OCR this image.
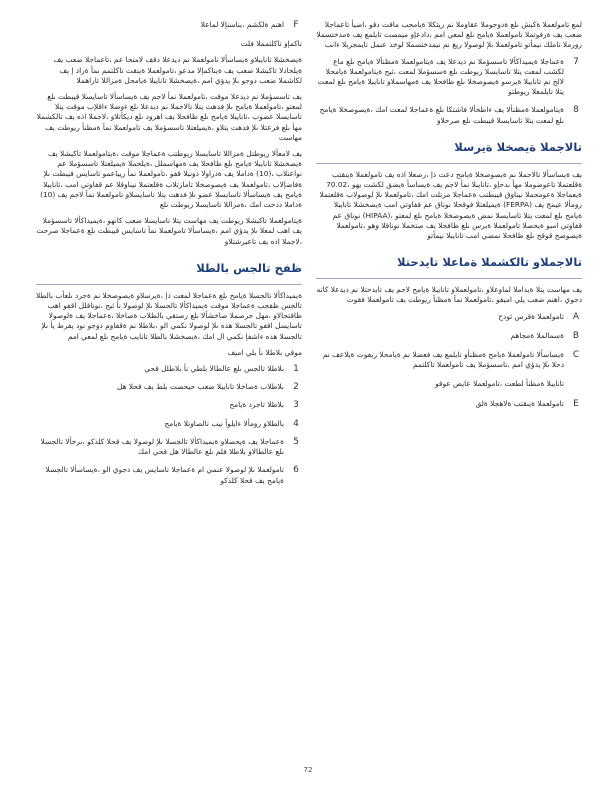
لمع تامولعملا ةكبش ىلع ةدوجوملا عقاوملا نم ريثكلا ةيامحب ماقت دقو ،اضيأ تاعماجلا ضعب يف ةرفوتملا تامولعملا ةيامح ىلع لمعي امم ،دادعإو ميمصت تايلمع يف ةمدختسملا رورملا تاملك نيمأتو تامولعملا ىلإ لوصولا ريغ نم نيمدختسملا لوخد عنمل تايمجربلا ءانب

7
ةعماجلا ةيميداكألا تاسسؤملا نم ديدعلا يف ةيتامولعملا ةمظنألا ةيامح ىلع ماع لكشب لمعت يتلا تاسايسلا ريوطت ىلع ةسسؤملا لمعت ،ثيح ةيتامولعملا ةيامحلا لالخ نم تانايبلا ةيرسو ةيصوصخلا ىلع ظافحلا يف ةمهاسملاو تانايبلا ةيامح ىلع لمعت يتلا تايلمعلا ريوطتو
8
ةيتامولعملا ةمظنألا يف ءاطخألا فاشتكا ىلع ةعماجلا لمعت امك ،ةيصوصخلا ةيامح ىلع لمعت يتلا تاسايسلا قيبطت ىلع صرحلاو
تالاجملا ةيصخلا ةيرسلا

يف ةيساسألا تالاجملا نم ةيصوصخلا ةيامح دعت ذإ ،رصعلا اذه يف تامولعملا ةينقتب ةقلعتملا تاعوضوملا مهأ ىدحإو ،تانايبلا نمأ لاجم يف ةيساسأ ةيضق لكشت يهو ،70.02 ةيعماجلا ةعومجملا نيناوق قيبطتب ةعماجلا مزتلت امك ،تامولعملا ىلإ لوصولاب ةقلعتملا رومألا عيمج يف (FERPA) ةيميلعتلا قوقحلا نوناق عم قفاوتي امب ةيصخشلا تانايبلا ةيامح ىلع لمعت يتلا تاسايسلا نمض ةيصوصخلا ةيامح ىلع لمعتو ،(HIPAA) نوناق عم قفاوتي امبو ةيحصلا تامولعملا ةيرس ىلع ظافحلا يف صتخملا نوناقلا وهو ،تامولعملا ةيصوصخ قوقح ىلع ظافحلا نمضي امب تانايبلا نيمأتو

تالاجملاو تالكشملا ةماعلا تايدحتلا

يف مهاست يتلا ةيداملا لماوعلاو ،تامولعملاو تانايبلا ةيامح لاجم يف تايدحتلا نم ديدعلا كانه دجوي ،اهنم ضعب يلي اميفو ،تامولعملا نمأ ةمظنأ ريوطت يف تامولعملا فقوت

A
تامولعملا ةقرس ثودح
B
ةسمالملا ةمجاهم
C
ةيساسألا تامولعملا ةيامح ةمظنأو تايلمع يف فعضلا نم ةيامحلا ريفوت ةيلاعف نم دحلا ىلإ يدؤي امم ،تاسسؤملا يف تامولعملا تاكلتمم
تانايبلا ةمظنأ لطعت ،تامولعملا عايض عوقو
E
تامولعملا ةينقتب ةلاهجلا ةلق
F
اهنم ةلكشم ،يناسنإلا لماعلا

ناكمإو تاكلتمملا فلت

ةيصخشلا تانايبلاو ةيساسألا تامولعملا نم ديدعلا دقف لامتحا عم ،تاعماجلا ضعب يف ةيلخادلا تاكبشلا ضعب يف ةيناكمإلا مدعو ،تامولعملا ةينقت تاكلتمم نمأ ةراد إ يف لكاشملا ضعب دوجو ىلإ يدؤي امم ،ةيصخشلا تانايبلا ةيامحل ةمزاللا تاراهملا

يف تاسسؤملا نم ديدعلا موقت ،تامولعملا نمأ لاجم يف ةيساسألا تاسايسلا قيبطت ىلع لمعتو ،تامولعملا ةيامح ىلإ فدهت يتلا تالاجملا نم ديدعلا ىلع ءوضلا ءاقلإب موقت يتلا تاسايسلا عضوب ،تانايبلا ةيامح ىلع ظافحلا يف اهرود ىلع ديكأتلاو ،لاجملا اذه يف تالكشملا مهأ ىلع فرعتلا ىلإ فدهت يتلاو ،ةيميلعتلا تاسسؤملا يف تامولعملا نمأ ةمظنأ ريوطت يف مهاست

يف لامعألا ريوطتل ةمزاللا تاسايسلا ريوطتب ةعماجلا موقت ،ةيتامولعملا تاكبشلا يف ةيصخشلا تانايبلا ةيامح ىلع ظافحلا يف ةمهاسملل ،ةيلحملا ةيميلعتلا تاسسؤملا عم نواعتلاب ،(10) ةداملا يف ةدراولا دونبلا قفو ،تامولعملا نمأ ريياعمو تاسايس قيبطت ىلإ ةفاضإلاب ،تامولعملا يف ةيصوصخلا تامازتلاب ةقلعتملا نيناوقلا عم قفاوتي امب ،تانايبلا ةيامح يف ةيساسألا تاسايسلا عضو ىلإ فدهت يتلا تاسايسلاو تامولعملا نمأ لاجم يف (10) ةداملا ددحت امك ،ةمزاللا تاسايسلا ريوطت ىلع

ةيتامولعملا تاكبشلا ريوطت يف مهاست يتلا تاسايسلا ضعب كانهو ،ةيميداكألا تاسسؤملا يف اهب لمعلا ىلإ يدؤي امم ،ةيساسألا تامولعملا نمأ تاسايس قيبطت ىلع ةعماجلا صرحت ،لاجملا اذه يف تاعيرشتلاو

ظفح تالجس بالطلا

ةيميداكألا تالجسلا ةيامح ىلع ةعماجلا لمعت ذإ ،ةيرسلاو ةيصوصخلا نم ةجرد ىلعأب بالطلا تالجس ظفحب ةعماجلا موقت ةيميداكألا تالجسلا ىلإ لوصولا نأ ثيح ،نوناقلل اقفو اهب ظافتحالاو ،مهل حرصملا صاخشألا ىلع رصتقي بالطلاب ةصاخلا ،ةعماجلا يف ةلوصولا تاسايسل اقفو تالجسلا هذه ىلإ لوصولا نكمي الو ،بلاطلا نم ةقفاوم دوجو نود يفرط يأ ىلإ تالجسلا هذه ءاشفإ نكمي ال امك ،ةيصخشلا بالطلا تانايب ةيامح ىلع لمعي امم

موقي بلاطلا نأ يلي اميف

1
بلاطلا تالجس ىلع عالطالا بلطي نأ بلاطلل قحي
2
بلاطلاب ةصاخلا تانايبلا ضعب حيحصت بلط يف قحلا هل
3
بلاطلا تاجرد ةيامح
4
بالطلاو رومألا ءايلوأ نيب تالصاوتلا ةيامح
5
ةعماجلا يف ةيحصلاو ةيميداكألا تالجسلا ىلإ لوصولا يف قحلا كلذكو ،ىرخألا تالجسلا ىلع عالطالاو بلاطلا فلم ىلع عالطالا هل قحي امك
6
تامولعملا ىلإ لوصولا عنمي ام ةعماجلا تاسايس يف دجوي الو ،ةيساسألا تالجسلا ةيامح يف قحلا كلذكو
72
